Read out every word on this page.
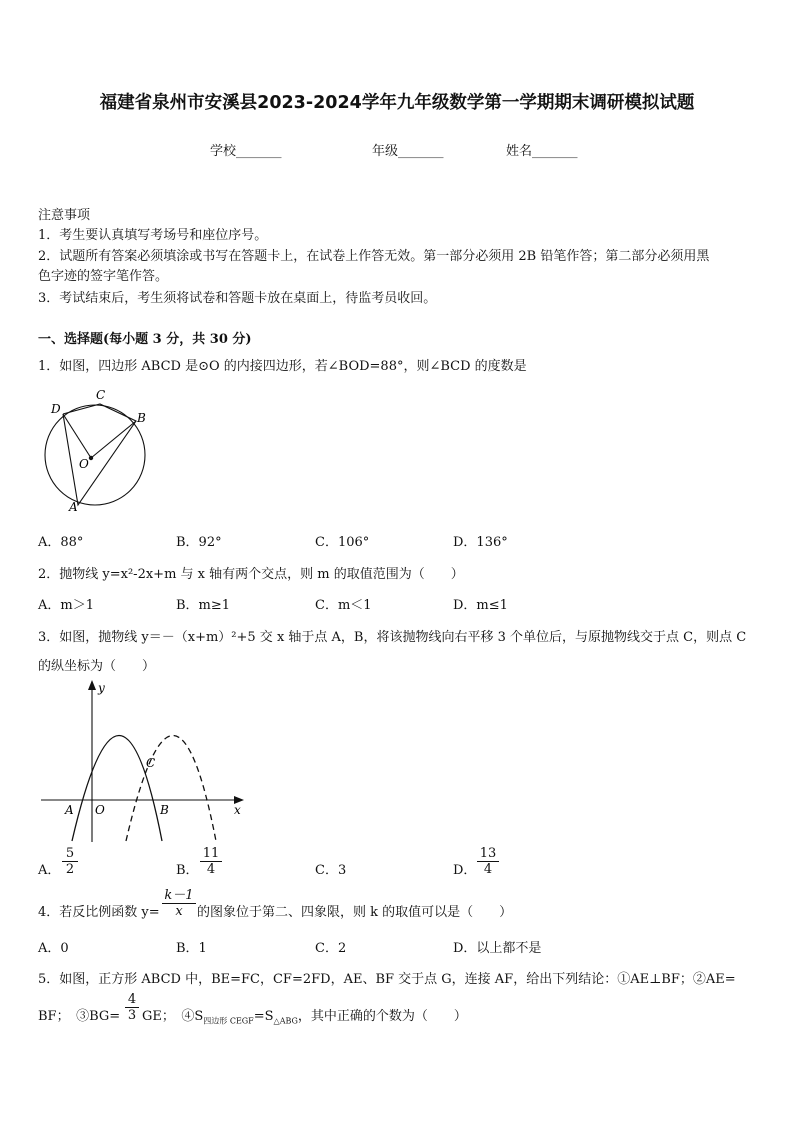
福建省泉州市安溪县2023-2024学年九年级数学第一学期期末调研模拟试题
学校_______	年级_______	姓名_______
注意事项
1．考生要认真填写考场号和座位序号。
2．试题所有答案必须填涂或书写在答题卡上，在试卷上作答无效。第一部分必须用 2B 铅笔作答；第二部分必须用黑
色字迹的签字笔作答。
3．考试结束后，考生须将试卷和答题卡放在桌面上，待监考员收回。
一、选择题(每小题 3 分，共 30 分)
1．如图，四边形 ABCD 是⊙O 的内接四边形，若∠BOD=88°，则∠BCD 的度数是
D
C
B
O
A
A．88°	B．92°	C．106°	D．136°
2．抛物线 y=x²-2x+m 与 x 轴有两个交点，则 m 的取值范围为（　　）
A．m＞1	B．m≥1	C．m＜1	D．m≤1
3．如图，抛物线 y＝－（x+m）²+5 交 x 轴于点 A，B，将该抛物线向右平移 3 个单位后，与原抛物线交于点 C，则点 C
的纵坐标为（　　）
y
x
A O	B
C
A． $\frac{5}{2}$	B． $\frac{11}{4}$	C．3	D． $\frac{13}{4}$
4．若反比例函数 $y= \frac{k-1}{x}$ 的图象位于第二、四象限，则 k 的取值可以是（　　）
A．0	B．1	C．2	D．以上都不是
5．如图，正方形 ABCD 中，BE=FC，CF=2FD，AE、BF 交于点 G，连接 AF，给出下列结论：①AE⊥BF；②AE=
BF；　③BG= $\frac{4}{3}$ GE；　$④S_{四边形 CEGF}=S_{\triangle ABG}$，其中正确的个数为（　　）
